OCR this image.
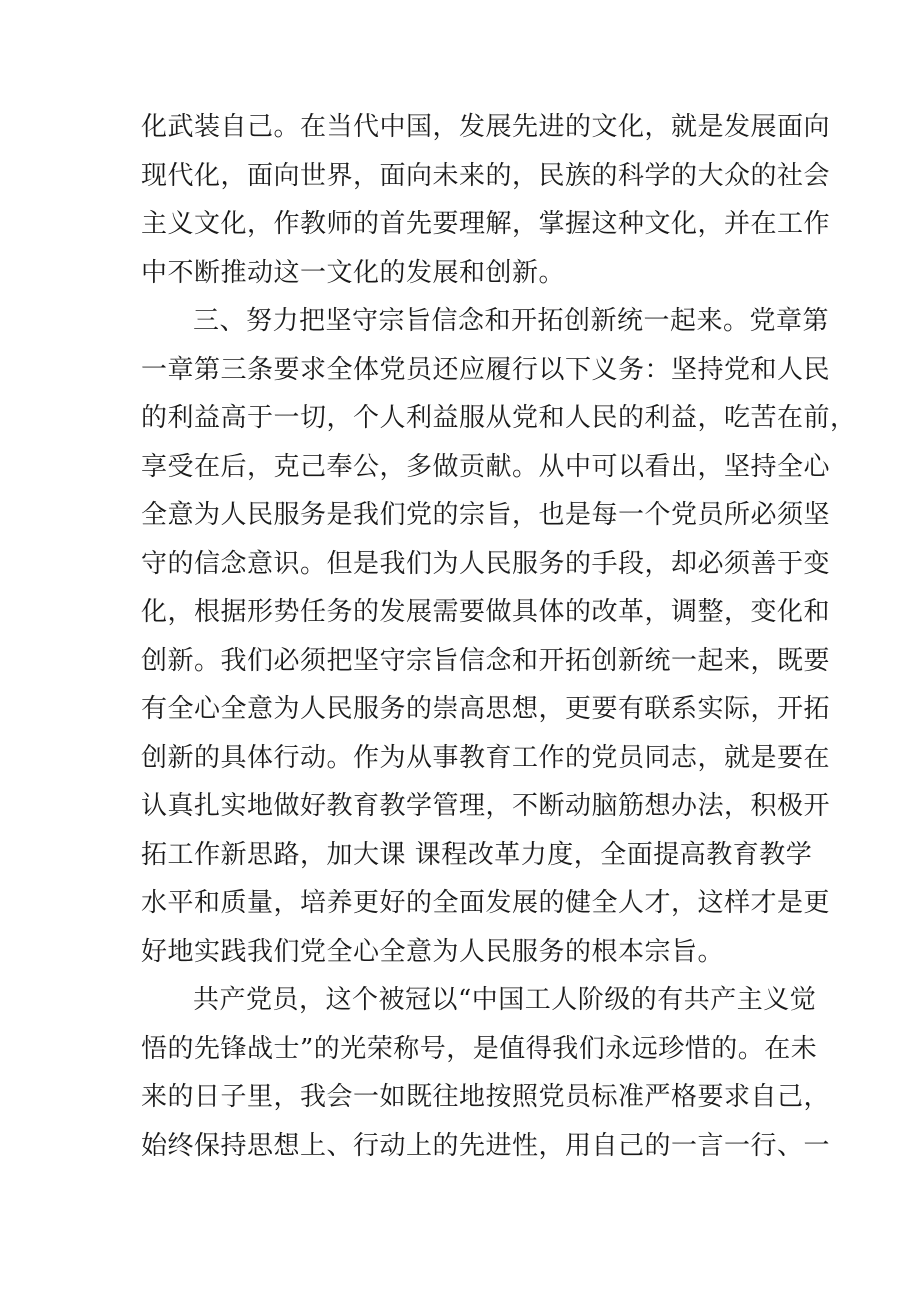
化武装自己。在当代中国，发展先进的文化，就是发展面向
现代化，面向世界，面向未来的，民族的科学的大众的社会
主义文化，作教师的首先要理解，掌握这种文化，并在工作
中不断推动这一文化的发展和创新。
三、努力把坚守宗旨信念和开拓创新统一起来。党章第
一章第三条要求全体党员还应履行以下义务：坚持党和人民
的利益高于一切，个人利益服从党和人民的利益，吃苦在前，
享受在后，克己奉公，多做贡献。从中可以看出，坚持全心
全意为人民服务是我们党的宗旨，也是每一个党员所必须坚
守的信念意识。但是我们为人民服务的手段，却必须善于变
化，根据形势任务的发展需要做具体的改革，调整，变化和
创新。我们必须把坚守宗旨信念和开拓创新统一起来，既要
有全心全意为人民服务的崇高思想，更要有联系实际，开拓
创新的具体行动。作为从事教育工作的党员同志，就是要在
认真扎实地做好教育教学管理，不断动脑筋想办法，积极开
拓工作新思路，加大课 课程改革力度，全面提高教育教学
水平和质量，培养更好的全面发展的健全人才，这样才是更
好地实践我们党全心全意为人民服务的根本宗旨。
共产党员，这个被冠以“中国工人阶级的有共产主义觉
悟的先锋战士”的光荣称号，是值得我们永远珍惜的。在未
来的日子里，我会一如既往地按照党员标准严格要求自己，
始终保持思想上、行动上的先进性，用自己的一言一行、一
